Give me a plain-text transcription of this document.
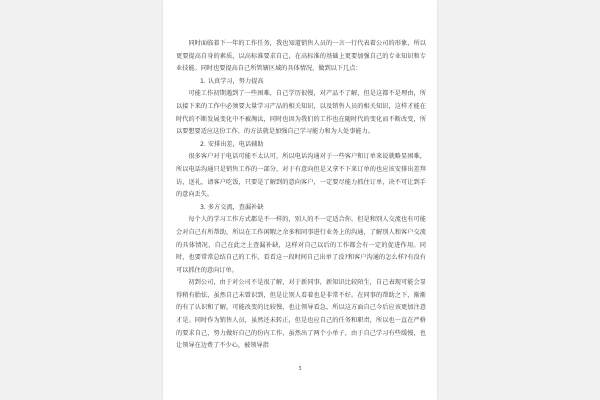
同时面临着下一年的工作任务，我也知道销售人员的一言一行代表着公司的形象，所以更要提高自身的素质，以高标准要求自己，在高标准的基础上更要加强自己的专业知识和专业技能。同时也要提高自己所管辖区域的具体情况，做到以下几点：

1. 认真学习，努力提高

可能工作初期遇到了一些困难，自己学历很慢，对产品不了解，但是这都不是理由，所以接下来的工作中必须要大量学习产品的相关知识，以及销售人员的相关知识，这样才能在时代的不断发展变化中不被淘汰，同时也因为我们的工作也在随时代的变化而不断改变，所以要想要适应这份工作，的方法就是加强自己学习能力和为人处事能力。

2. 安排出差，电话辅助

很多客户对于电话可能不太认可，所以电话沟通对于一些客户和订单来说就略显困难，所以电话沟通只是销售工作的一部分，对于有意向但是又拿不下来订单的也应该安排出差拜访，送礼，请客户吃饭，只要是了解到的意向客户，一定要尽能力抓住订单，决不可让到手的意向丢失。

3. 多方交流，查漏补缺

每个人的学习工作方式都是不一样的，别人的不一定适合你，但是和别人交流也有可能会对自己有所帮助，所以在工作闲暇之余多和同事进行业务上的沟通，了解别人和客户交流的具体情况，自己在此之上查漏补缺，这样对自己以后的工作都会有一定的促进作用。同时，也要常常总结自己的工作，看看这一段时间自己出单了没?和客户沟通的怎么样?有没有可以抓住的意向订单。

初到公司，由于对公司不是很了解，对于新同事，新知识比较陌生，自己表现可能会显得稍有胎怯，虽然自己未曾识到，但是让别人看着也是非常不好。在同事的帮助之下，渐渐的有了认识和了解，可能改变的比较慢，也让领导看急，所以这方面自己今后应该更加注意才是。同时作为销售人员，虽然还未转正，但是也应自己的任务和职责，所以也一直在严格的要求自己，努力做好自己的份内工作，虽然出了两个小单子，由于自己学习有些缓慢，也让领导在边费了不少心，被领导指

3
